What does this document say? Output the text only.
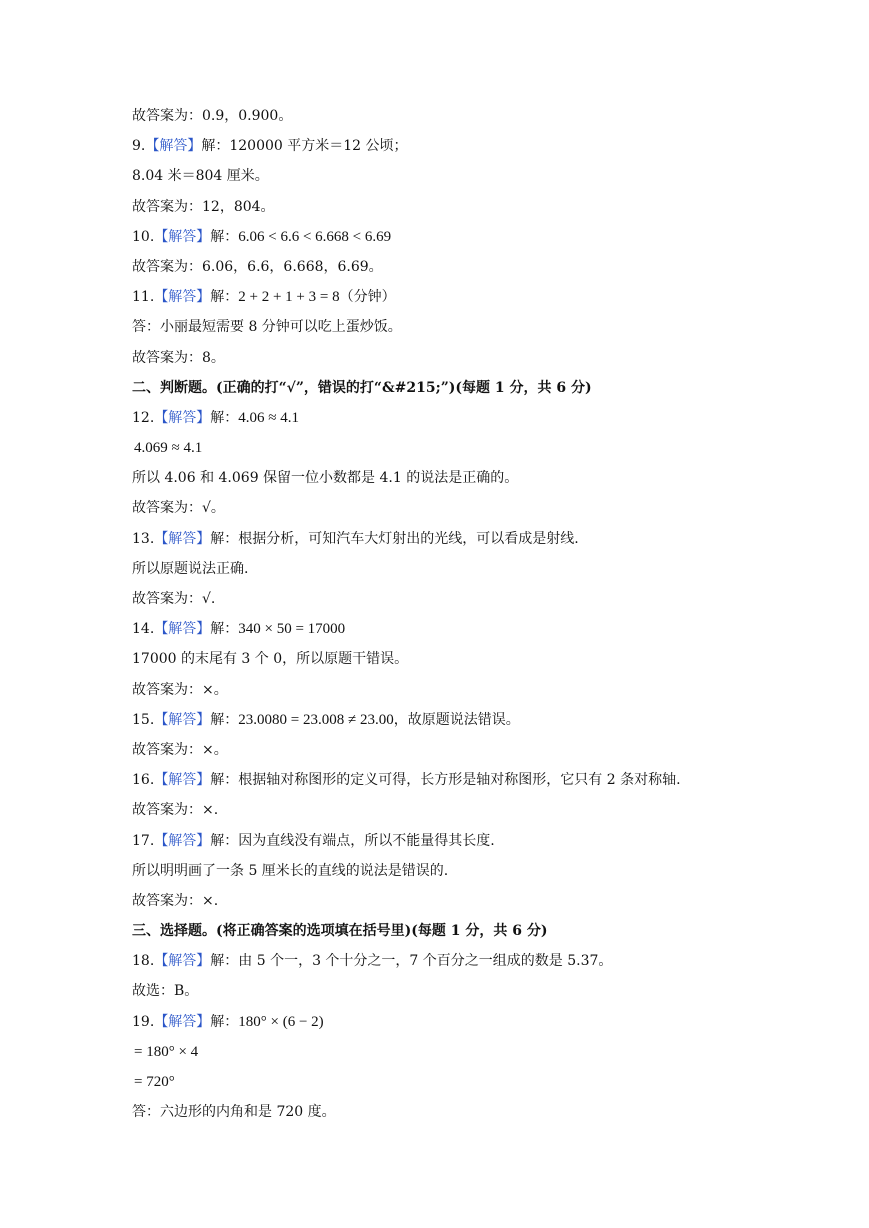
故答案为：0.9，0.900。
9.【解答】解：120000 平方米＝12 公顷；
8.04 米＝804 厘米。
故答案为：12，804。
10.【解答】解：6.06 < 6.6 < 6.668 < 6.69
故答案为：6.06，6.6，6.668，6.69。
11.【解答】解：2 + 2 + 1 + 3 = 8（分钟）
答：小丽最短需要 8 分钟可以吃上蛋炒饭。
故答案为：8。
二、判断题。(正确的打“√”，错误的打“&#215;”)(每题 1 分，共 6 分)
12.【解答】解：4.06 ≈ 4.1
4.069 ≈ 4.1
所以 4.06 和 4.069 保留一位小数都是 4.1 的说法是正确的。
故答案为：√。
13.【解答】解：根据分析，可知汽车大灯射出的光线，可以看成是射线.
所以原题说法正确.
故答案为：√.
14.【解答】解：340 × 50 = 17000
17000 的末尾有 3 个 0，所以原题干错误。
故答案为：×。
15.【解答】解：23.0080 = 23.008 ≠ 23.00，故原题说法错误。
故答案为：×。
16.【解答】解：根据轴对称图形的定义可得，长方形是轴对称图形，它只有 2 条对称轴.
故答案为：×.
17.【解答】解：因为直线没有端点，所以不能量得其长度.
所以明明画了一条 5 厘米长的直线的说法是错误的.
故答案为：×.
三、选择题。(将正确答案的选项填在括号里)(每题 1 分，共 6 分)
18.【解答】解：由 5 个一，3 个十分之一，7 个百分之一组成的数是 5.37。
故选：B。
19.【解答】解：180° × (6 − 2)
= 180° × 4
= 720°
答：六边形的内角和是 720 度。
